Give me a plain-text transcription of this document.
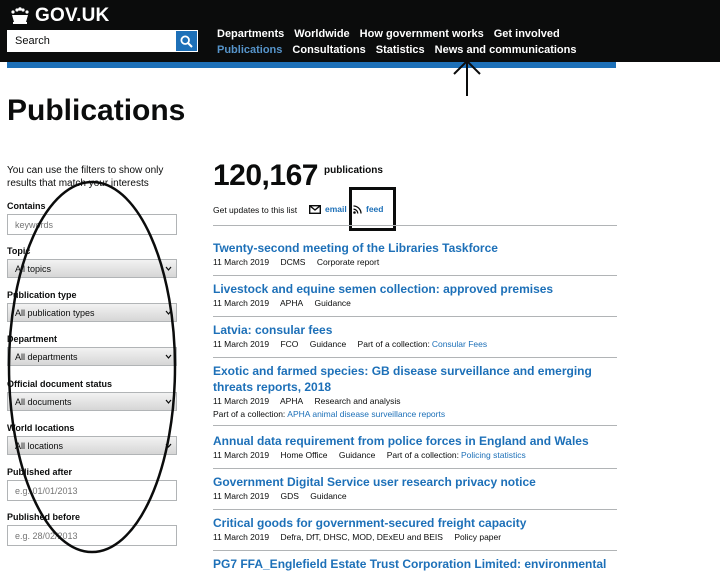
GOV.UK
Search
Departments Worldwide How government works Get involved
Publications Consultations Statistics News and communications
Publications

You can use the filters to show only results that match your interests

Contains
keywords
Topic
All topics
Publication type
All publication types
Department
All departments
Official document status
All documents
World locations
All locations
Published after
e.g. 01/01/2013
Published before
e.g. 28/02/2013
120,167 publications
Get updates to this list	email feed
Twenty-second meeting of the Libraries Taskforce
11 March 2019 DCMS Corporate report
Livestock and equine semen collection: approved premises
11 March 2019 APHA Guidance
Latvia: consular fees
11 March 2019 FCO Guidance Part of a collection: Consular Fees
Exotic and farmed species: GB disease surveillance and emerging threats reports, 2018
11 March 2019 APHA Research and analysis
Part of a collection: APHA animal disease surveillance reports
Annual data requirement from police forces in England and Wales
11 March 2019 Home Office Guidance Part of a collection: Policing statistics
Government Digital Service user research privacy notice
11 March 2019 GDS Guidance
Critical goods for government-secured freight capacity
11 March 2019 Defra, DfT, DHSC, MOD, DExEU and BEIS Policy paper
PG7 FFA_Englefield Estate Trust Corporation Limited: environmental
